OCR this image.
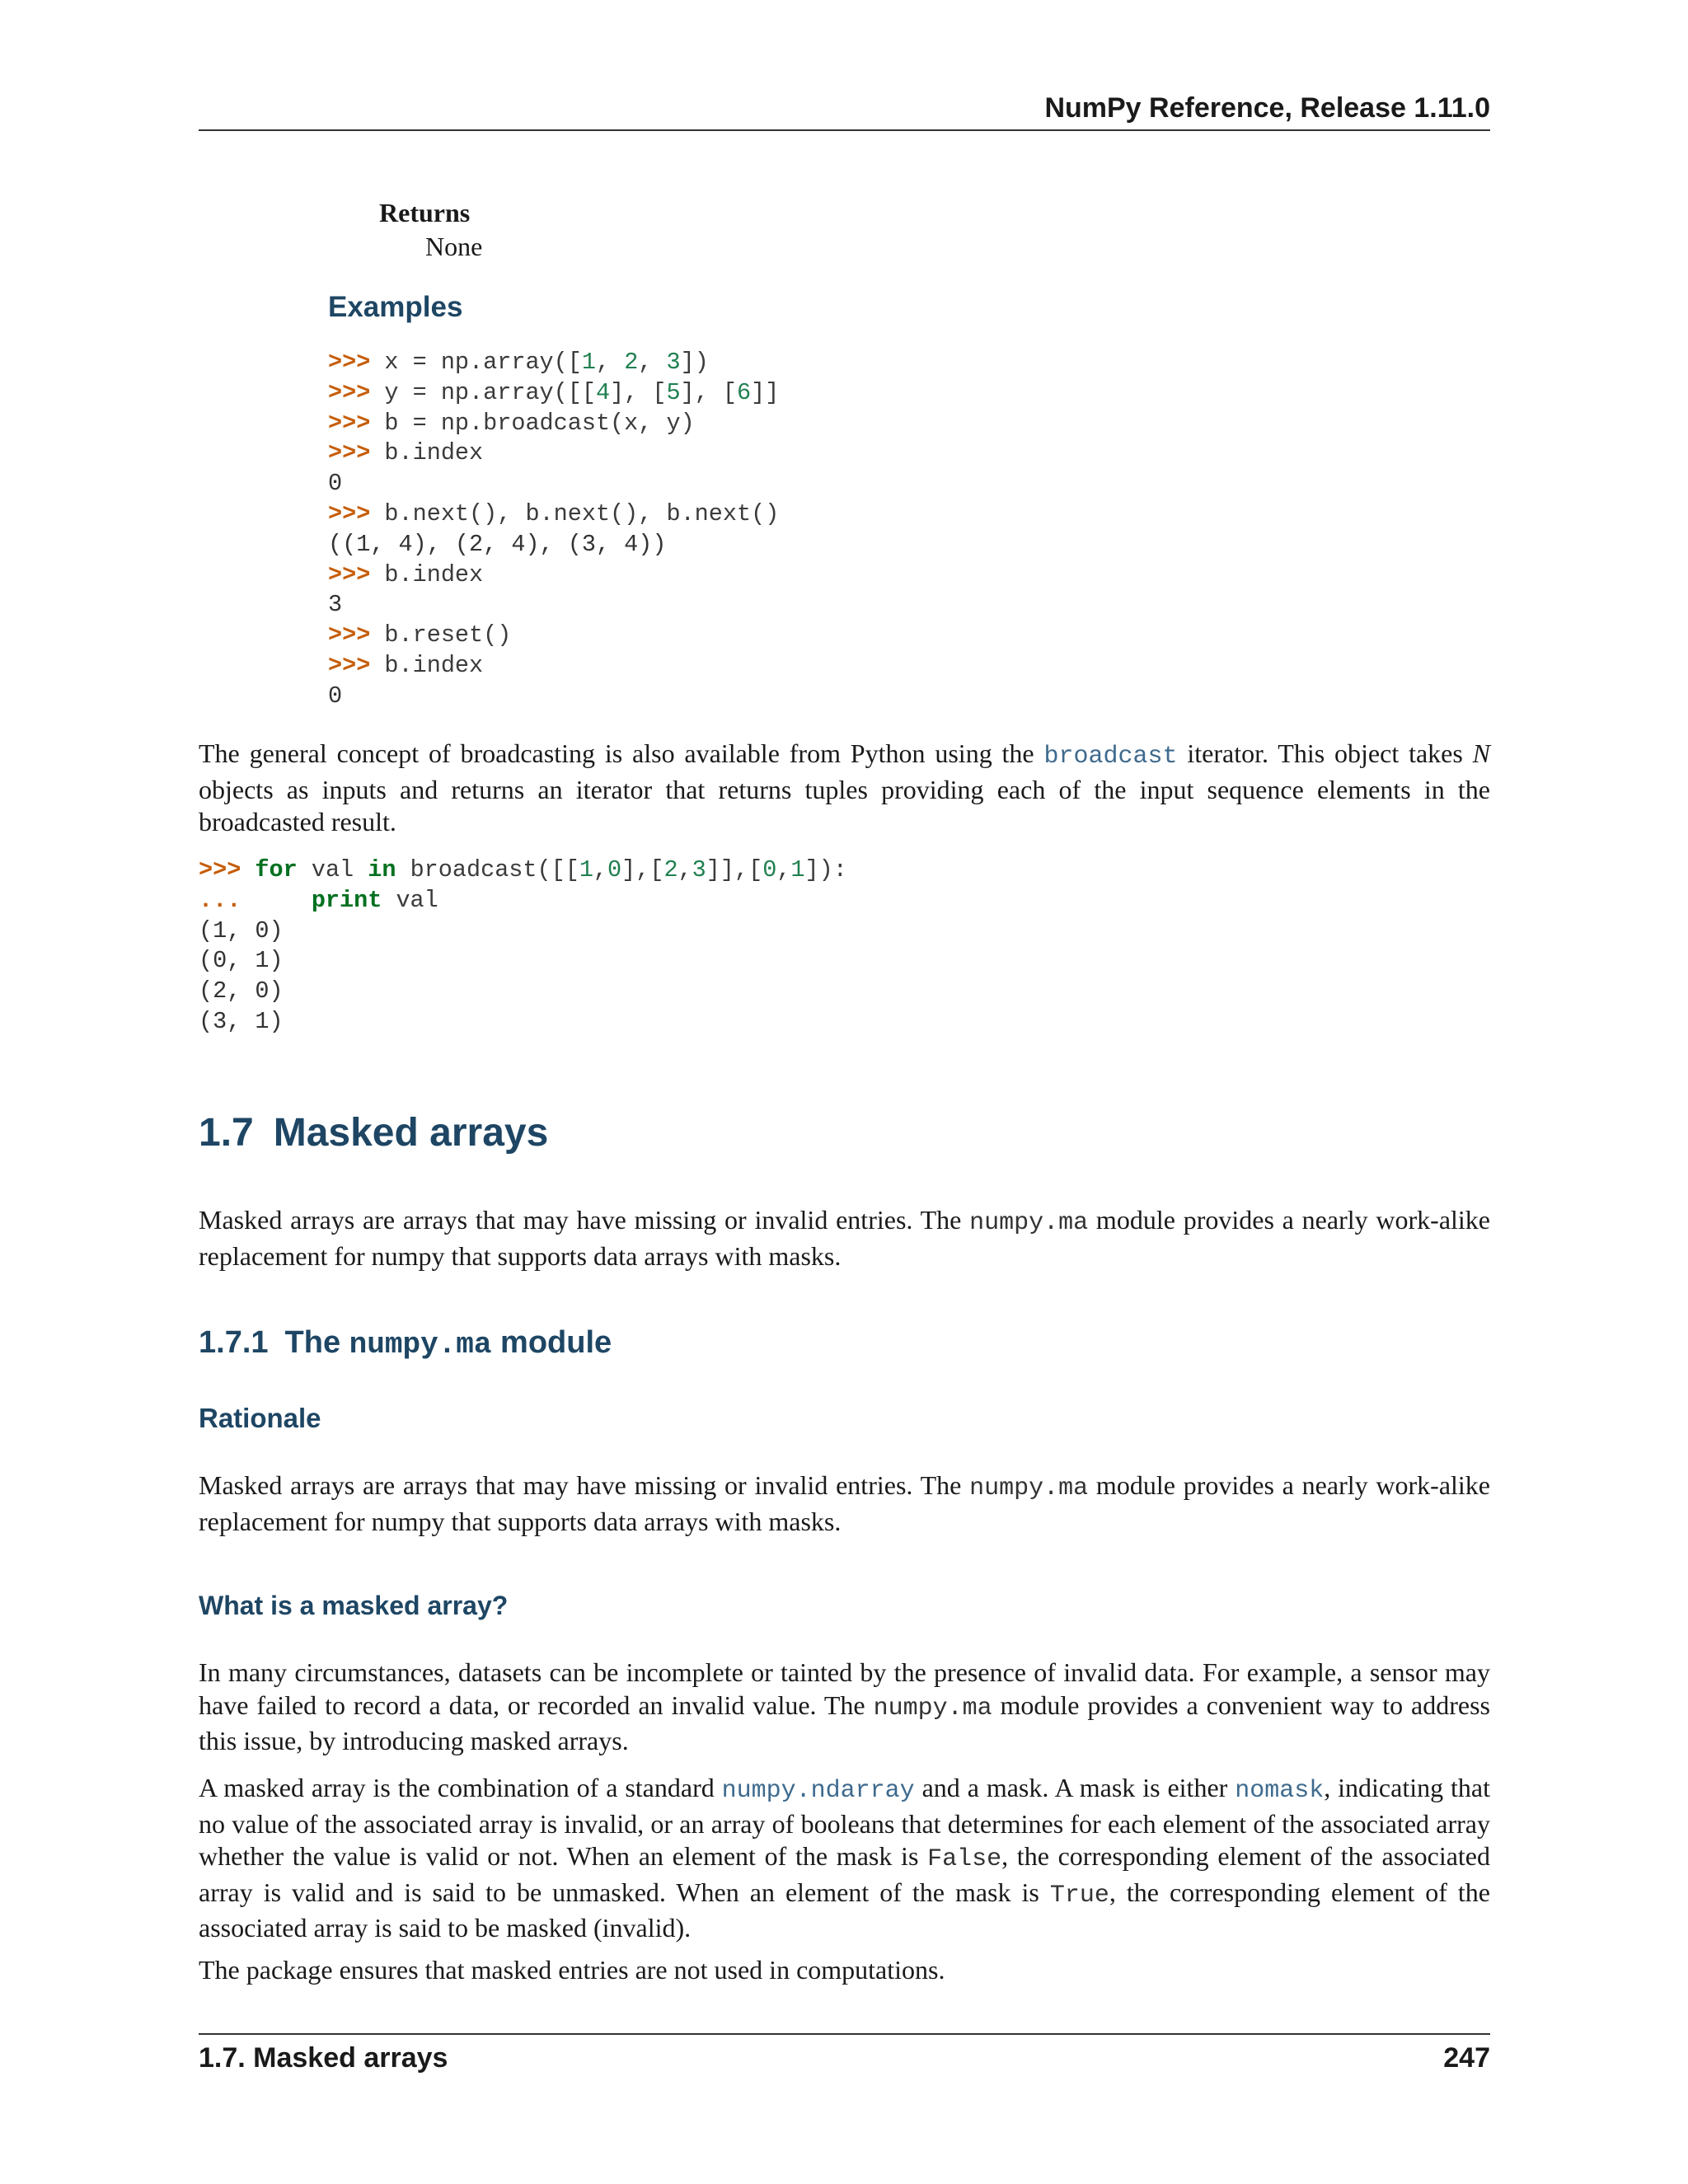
NumPy Reference, Release 1.11.0
Returns
None
Examples
>>> x = np.array([1, 2, 3])
>>> y = np.array([[4], [5], [6]]
>>> b = np.broadcast(x, y)
>>> b.index
0
>>> b.next(), b.next(), b.next()
((1, 4), (2, 4), (3, 4))
>>> b.index
3
>>> b.reset()
>>> b.index
0

The general concept of broadcasting is also available from Python using the broadcast iterator. This object takes N objects as inputs and returns an iterator that returns tuples providing each of the input sequence elements in the broadcasted result.

>>> for val in broadcast([[1,0],[2,3]],[0,1]):
...	print val
(1, 0)
(0, 1)
(2, 0)
(3, 1)
1.7 Masked arrays

Masked arrays are arrays that may have missing or invalid entries. The numpy.ma module provides a nearly work-alike replacement for numpy that supports data arrays with masks.

1.7.1 The numpy.ma module
Rationale

Masked arrays are arrays that may have missing or invalid entries. The numpy.ma module provides a nearly work-alike replacement for numpy that supports data arrays with masks.

What is a masked array?

In many circumstances, datasets can be incomplete or tainted by the presence of invalid data. For example, a sensor may have failed to record a data, or recorded an invalid value. The numpy.ma module provides a convenient way to address this issue, by introducing masked arrays.

A masked array is the combination of a standard numpy.ndarray and a mask. A mask is either nomask, indicating that no value of the associated array is invalid, or an array of booleans that determines for each element of the associated array whether the value is valid or not. When an element of the mask is False, the corresponding element of the associated array is valid and is said to be unmasked. When an element of the mask is True, the corresponding element of the associated array is said to be masked (invalid).

The package ensures that masked entries are not used in computations.

1.7. Masked arrays	247
